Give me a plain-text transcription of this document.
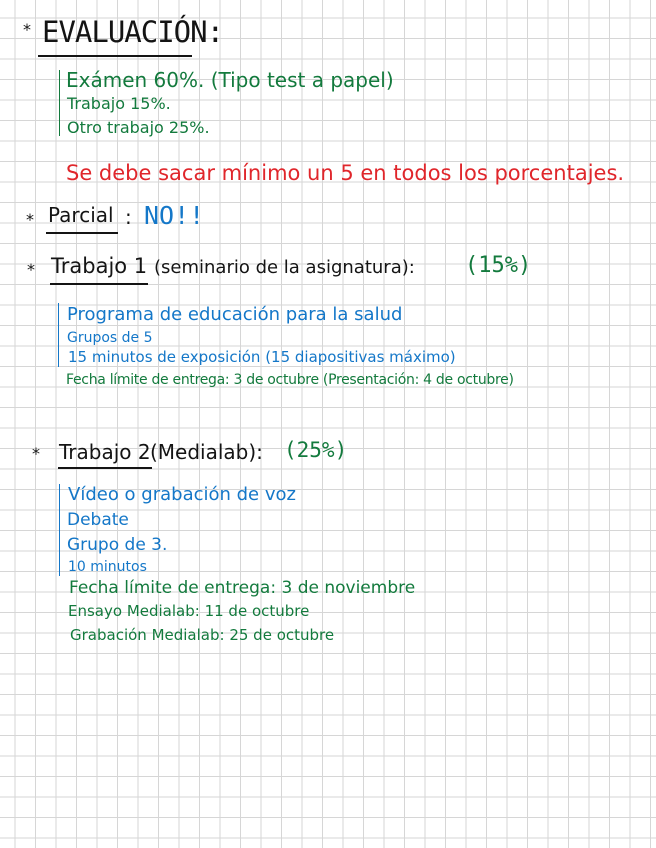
* EVALUACIÓN:
Exámen 60%. (Tipo test a papel)
Trabajo 15%.
Otro trabajo 25%.
Se debe sacar mínimo un 5 en todos los porcentajes.
* Parcial : NO!!
* Trabajo 1 (seminario de la asignatura): (15%)
Programa de educación para la salud
Grupos de 5
15 minutos de exposición (15 diapositivas máximo)
Fecha límite de entrega: 3 de octubre (Presentación: 4 de octubre)
* Trabajo 2 (Medialab): (25%)
Vídeo o grabación de voz
Debate
Grupo de 3.
10 minutos
Fecha límite de entrega: 3 de noviembre
Ensayo Medialab: 11 de octubre
Grabación Medialab: 25 de octubre
